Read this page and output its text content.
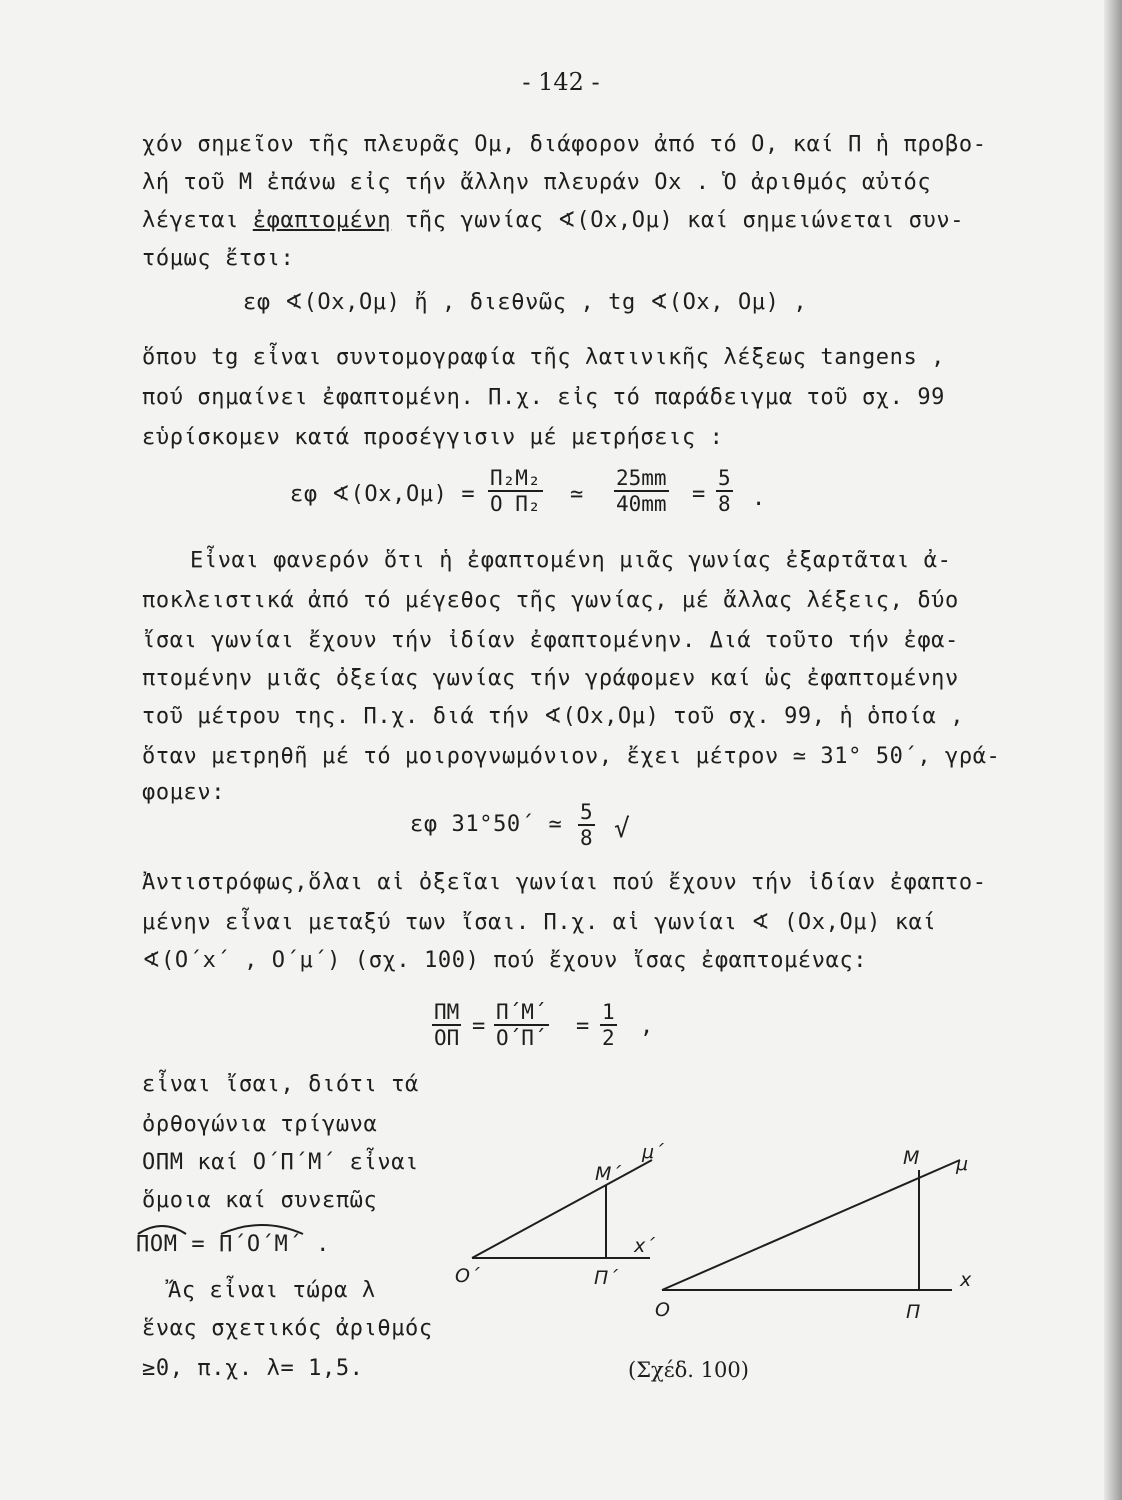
- 142 -
χόν σημεῖον τῆς πλευρᾶς Oμ, διάφορον ἀπό τό O, καί Π ἡ προβο-
λή τοῦ M ἐπάνω εἰς τήν ἄλλην πλευράν Ox . Ὁ ἀριθμός αὐτός
λέγεται ἐφαπτομένη τῆς γωνίας ∢(Ox,Oμ) καί σημειώνεται συν-
τόμως ἔτσι:
εφ ∢(Ox,Oμ) ἤ , διεθνῶς , tg ∢(Ox, Oμ) ,
ὅπου tg εἶναι συντομογραφία τῆς λατινικῆς λέξεως tangens ,
πού σημαίνει ἐφαπτομένη. Π.χ. εἰς τό παράδειγμα τοῦ σχ. 99
εὑρίσκομεν κατά προσέγγισιν μέ μετρήσεις :
εφ ∢(Ox,Oμ) = $\frac{\text{Π₂M₂}}{\text{O Π₂}}$ ≃ $\frac{25mm}{40mm} = \frac{5}{8}$ .
Εἶναι φανερόν ὅτι ἡ ἐφαπτομένη μιᾶς γωνίας ἐξαρτᾶται ἀ-
ποκλειστικά ἀπό τό μέγεθος τῆς γωνίας, μέ ἄλλας λέξεις, δύο
ἴσαι γωνίαι ἔχουν τήν ἰδίαν ἐφαπτομένην. Διά τοῦτο τήν ἐφα-
πτομένην μιᾶς ὀξείας γωνίας τήν γράφομεν καί ὡς ἐφαπτομένην
τοῦ μέτρου της. Π.χ. διά τήν ∢(Ox,Oμ) τοῦ σχ. 99, ἡ ὁποία ,
ὅταν μετρηθῆ μέ τό μοιρογνωμόνιον, ἔχει μέτρον ≃ 31° 50΄, γρά-
φομεν:
εφ 31°50΄ ≃ $\frac{5}{8}$ √
Ἀντιστρόφως,ὅλαι αἱ ὀξεῖαι γωνίαι πού ἔχουν τήν ἰδίαν ἐφαπτο-
μένην εἶναι μεταξύ των ἴσαι. Π.χ. αἱ γωνίαι ∢ (Ox,Oμ) καί
∢(O΄x΄ , O΄μ΄) (σχ. 100) πού ἔχουν ἴσας ἐφαπτομένας:
$\frac{\Pi M}{O\Pi} = \frac{\Pi΄M΄}{O΄\Pi΄} = \frac{1}{2}$ ,
εἶναι ἴσαι, διότι τά
ὀρθογώνια τρίγωνα
OΠM καί O΄Π΄M΄ εἶναι
ὅμοια καί συνεπῶς
ΠOM = Π΄O΄M΄ .
Ἄς εἶναι τώρα λ
ἕνας σχετικός ἀριθμός
≥0, π.χ. λ= 1,5.
O΄
x΄
Π΄
M΄
μ΄
O
x
Π
M μ
(Σχέδ. 100)
